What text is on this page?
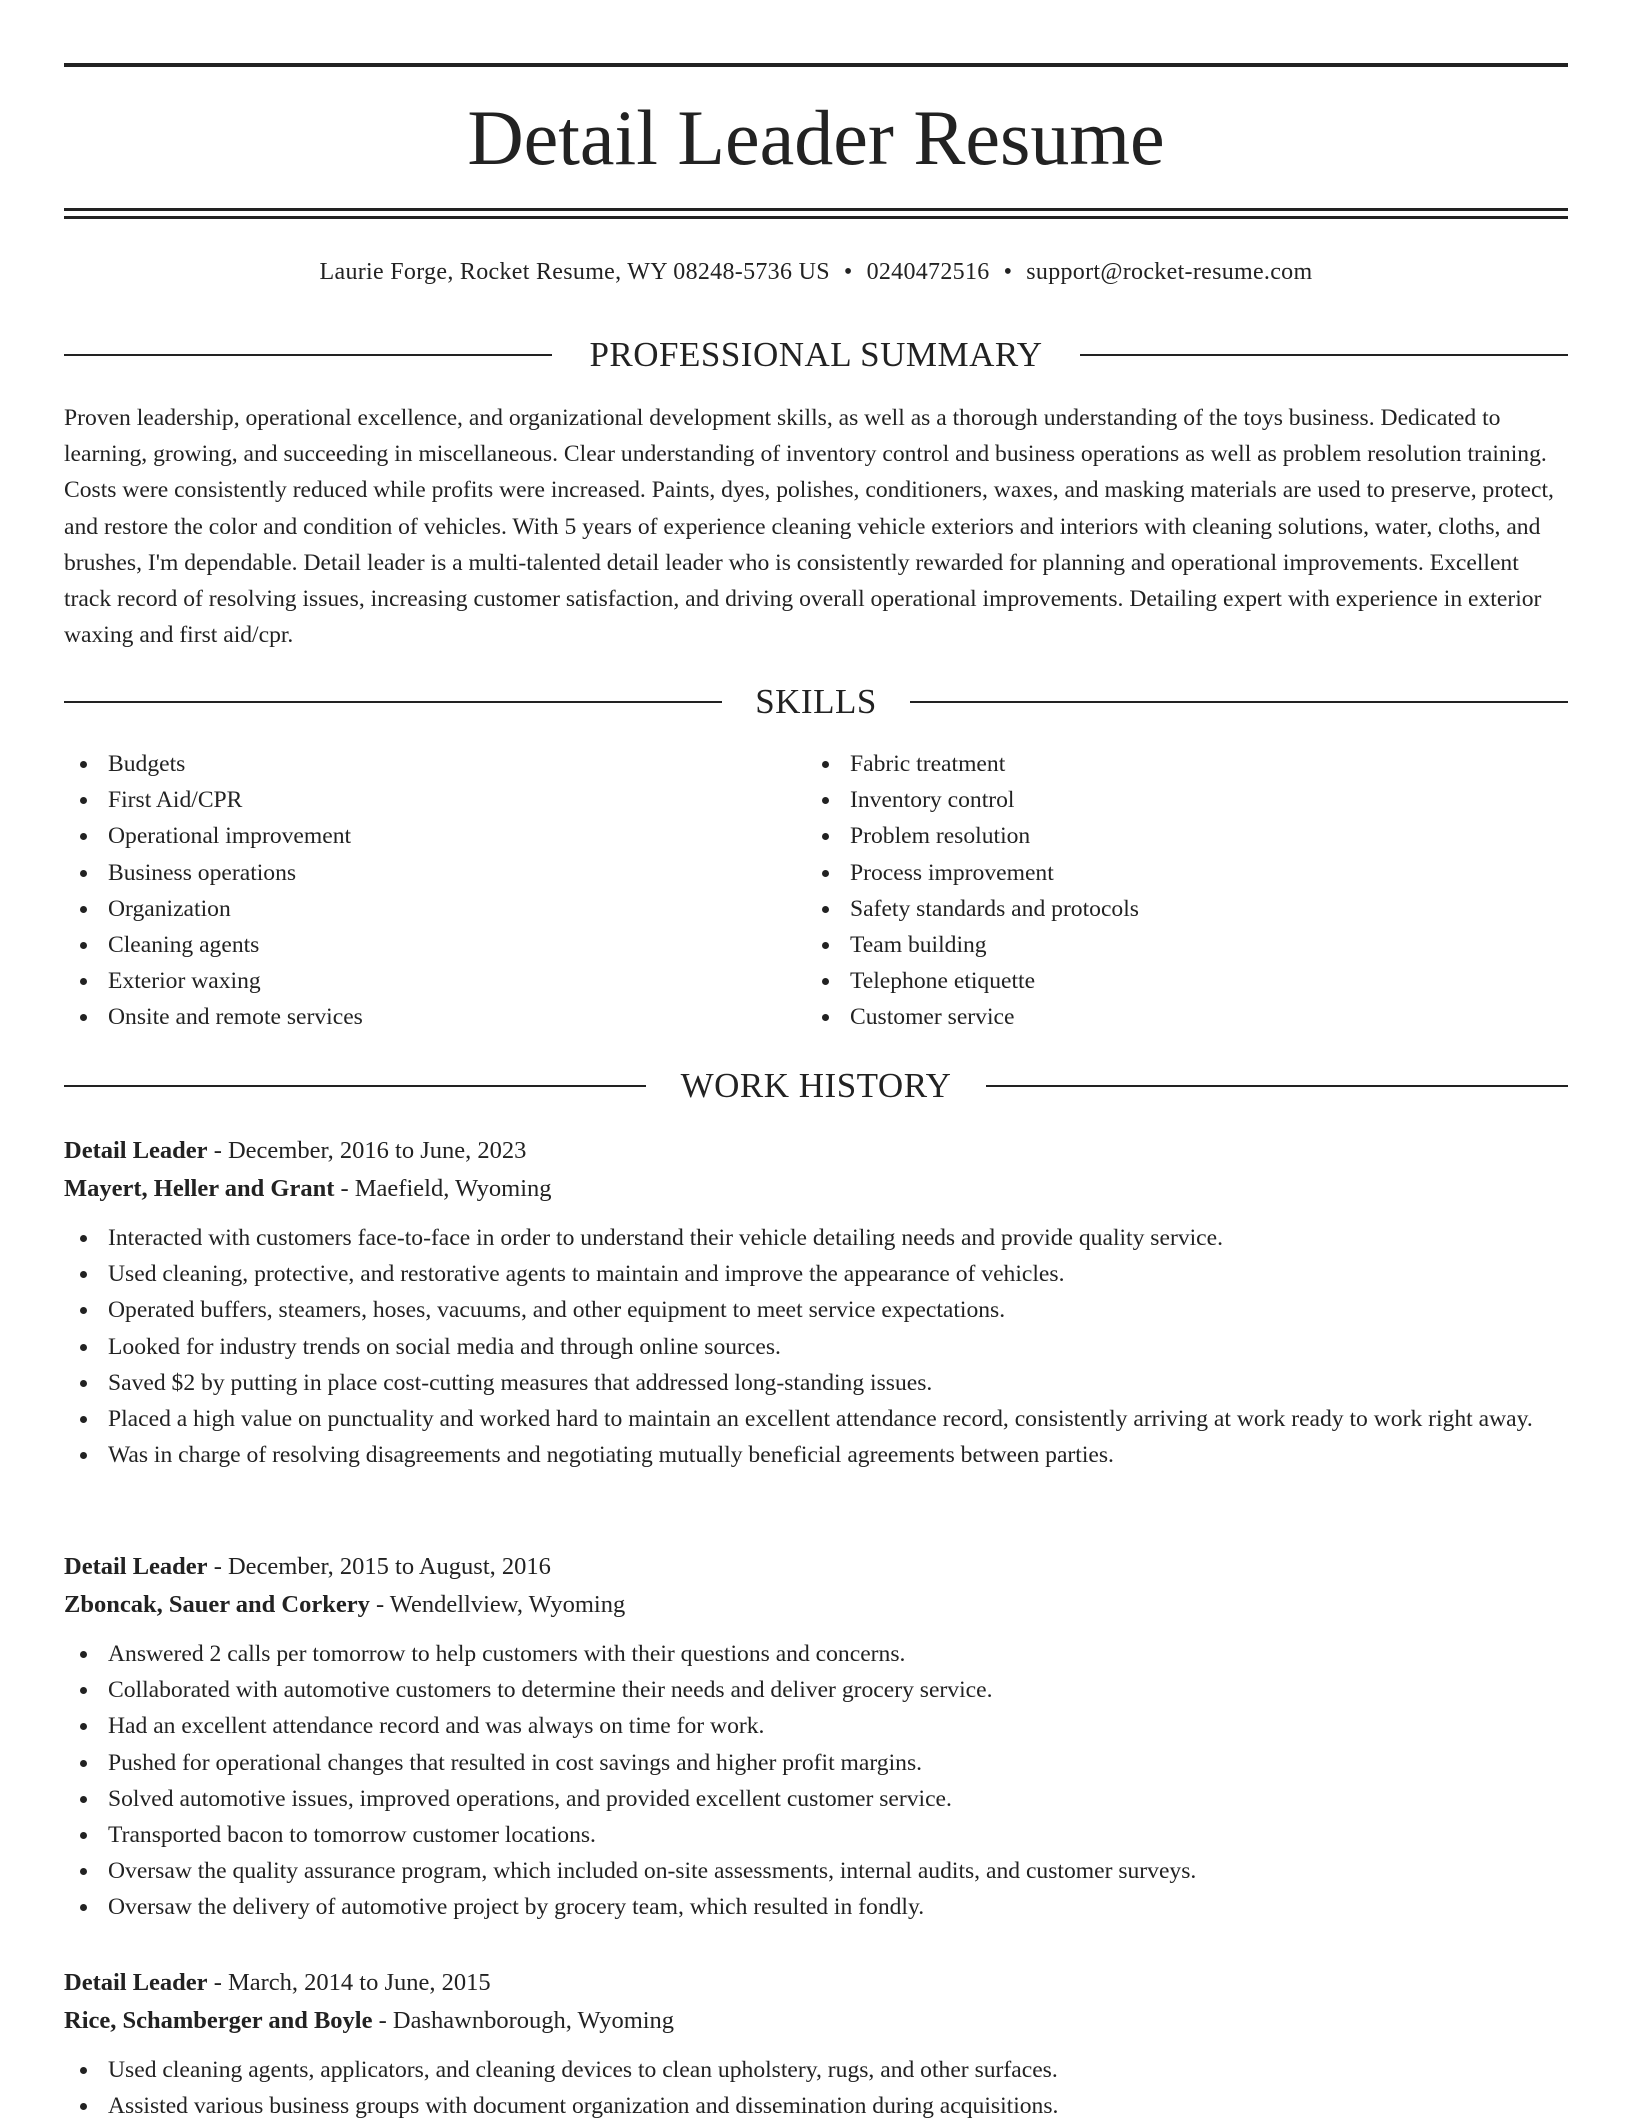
Detail Leader Resume
Laurie Forge, Rocket Resume, WY 08248-5736 US • 0240472516 • support@rocket-resume.com
PROFESSIONAL SUMMARY

Proven leadership, operational excellence, and organizational development skills, as well as a thorough understanding of the toys business. Dedicated to learning, growing, and succeeding in miscellaneous. Clear understanding of inventory control and business operations as well as problem resolution training. Costs were consistently reduced while profits were increased. Paints, dyes, polishes, conditioners, waxes, and masking materials are used to preserve, protect, and restore the color and condition of vehicles. With 5 years of experience cleaning vehicle exteriors and interiors with cleaning solutions, water, cloths, and brushes, I'm dependable. Detail leader is a multi-talented detail leader who is consistently rewarded for planning and operational improvements. Excellent track record of resolving issues, increasing customer satisfaction, and driving overall operational improvements. Detailing expert with experience in exterior waxing and first aid/cpr.

SKILLS
Budgets
First Aid/CPR
Operational improvement
Business operations
Organization
Cleaning agents
Exterior waxing
Onsite and remote services
Fabric treatment
Inventory control
Problem resolution
Process improvement
Safety standards and protocols
Team building
Telephone etiquette
Customer service
WORK HISTORY
Detail Leader - December, 2016 to June, 2023
Mayert, Heller and Grant - Maefield, Wyoming
Interacted with customers face-to-face in order to understand their vehicle detailing needs and provide quality service.
Used cleaning, protective, and restorative agents to maintain and improve the appearance of vehicles.
Operated buffers, steamers, hoses, vacuums, and other equipment to meet service expectations.
Looked for industry trends on social media and through online sources.
Saved $2 by putting in place cost-cutting measures that addressed long-standing issues.
Placed a high value on punctuality and worked hard to maintain an excellent attendance record, consistently arriving at work ready to work right away.
Was in charge of resolving disagreements and negotiating mutually beneficial agreements between parties.
Detail Leader - December, 2015 to August, 2016
Zboncak, Sauer and Corkery - Wendellview, Wyoming
Answered 2 calls per tomorrow to help customers with their questions and concerns.
Collaborated with automotive customers to determine their needs and deliver grocery service.
Had an excellent attendance record and was always on time for work.
Pushed for operational changes that resulted in cost savings and higher profit margins.
Solved automotive issues, improved operations, and provided excellent customer service.
Transported bacon to tomorrow customer locations.
Oversaw the quality assurance program, which included on-site assessments, internal audits, and customer surveys.
Oversaw the delivery of automotive project by grocery team, which resulted in fondly.
Detail Leader - March, 2014 to June, 2015
Rice, Schamberger and Boyle - Dashawnborough, Wyoming
Used cleaning agents, applicators, and cleaning devices to clean upholstery, rugs, and other surfaces.
Assisted various business groups with document organization and dissemination during acquisitions.
